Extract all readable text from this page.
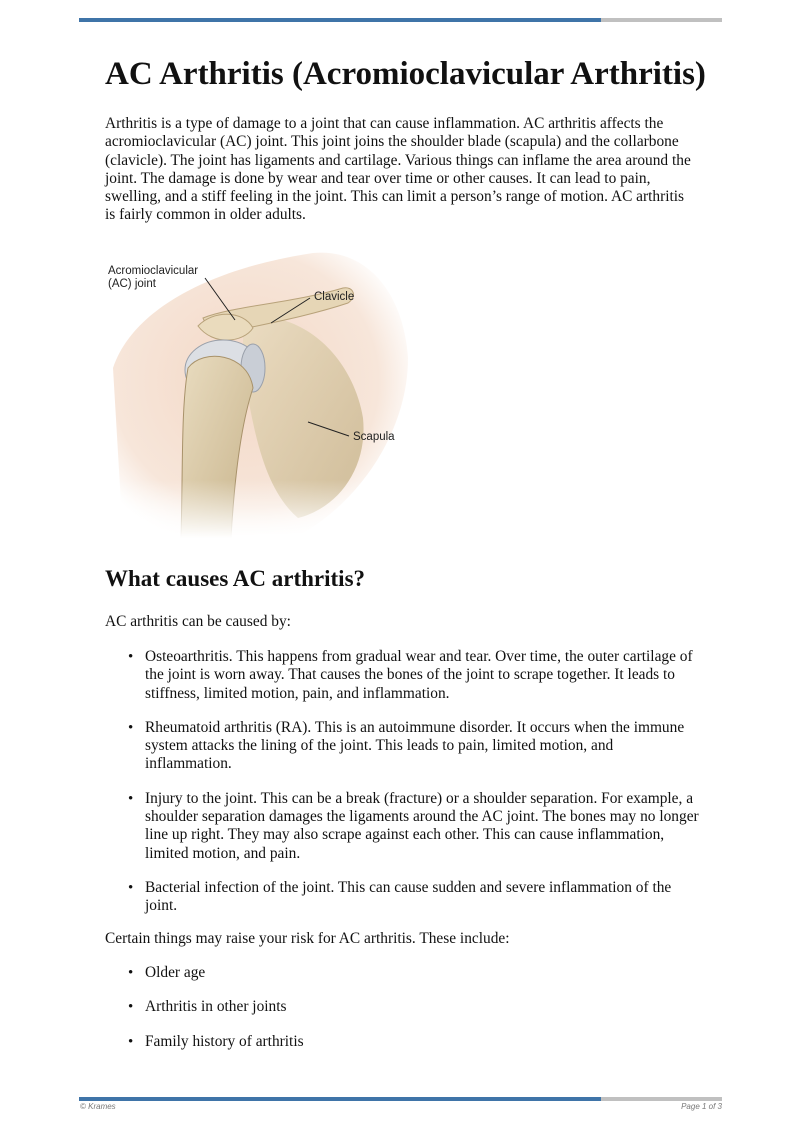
AC Arthritis (Acromioclavicular Arthritis)

Arthritis is a type of damage to a joint that can cause inflammation. AC arthritis affects the acromioclavicular (AC) joint. This joint joins the shoulder blade (scapula) and the collarbone (clavicle). The joint has ligaments and cartilage. Various things can inflame the area around the joint. The damage is done by wear and tear over time or other causes. It can lead to pain, swelling, and a stiff feeling in the joint. This can limit a person’s range of motion. AC arthritis is fairly common in older adults.

Acromioclavicular
(AC) joint
Clavicle
Scapula
What causes AC arthritis?

AC arthritis can be caused by:

• Osteoarthritis. This happens from gradual wear and tear. Over time, the outer cartilage of the joint is worn away. That causes the bones of the joint to scrape together. It leads to stiffness, limited motion, pain, and inflammation.
• Rheumatoid arthritis (RA). This is an autoimmune disorder. It occurs when the immune system attacks the lining of the joint. This leads to pain, limited motion, and inflammation.
• Injury to the joint. This can be a break (fracture) or a shoulder separation. For example, a shoulder separation damages the ligaments around the AC joint. The bones may no longer line up right. They may also scrape against each other. This can cause inflammation, limited motion, and pain.
• Bacterial infection of the joint. This can cause sudden and severe inflammation of the joint.

Certain things may raise your risk for AC arthritis. These include:

• Older age
• Arthritis in other joints
• Family history of arthritis
© Krames	Page 1 of 3
